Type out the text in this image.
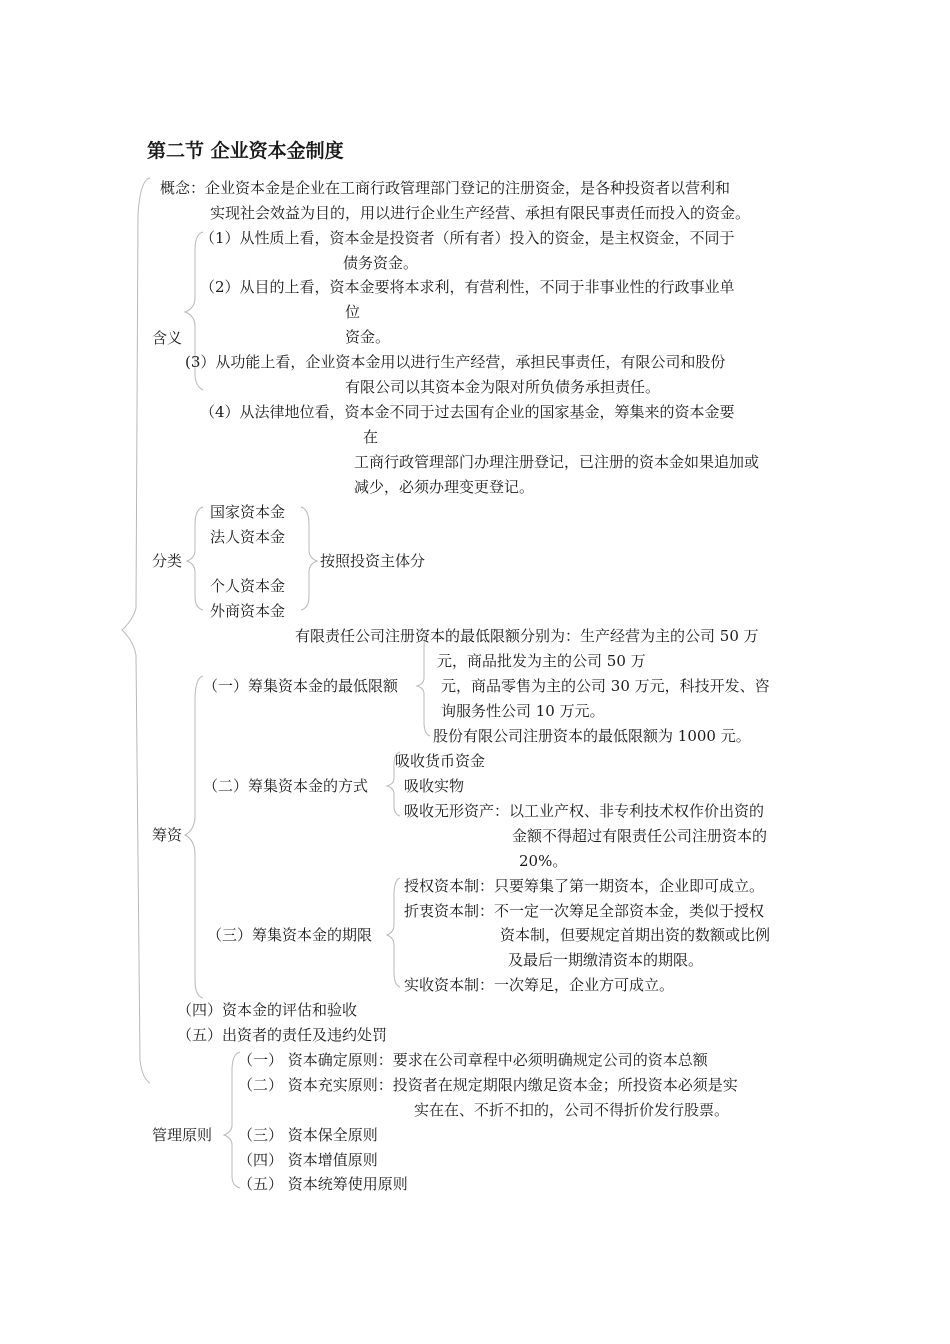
第二节 企业资本金制度
概念：企业资本金是企业在工商行政管理部门登记的注册资金，是各种投资者以营利和
实现社会效益为目的，用以进行企业生产经营、承担有限民事责任而投入的资金。
含义
（1）从性质上看，资本金是投资者（所有者）投入的资金，是主权资金，不同于
债务资金。
（2）从目的上看，资本金要将本求利，有营利性，不同于非事业性的行政事业单
位
资金。
(3）从功能上看，企业资本金用以进行生产经营，承担民事责任，有限公司和股份
有限公司以其资本金为限对所负债务承担责任。
（4）从法律地位看，资本金不同于过去国有企业的国家基金，筹集来的资本金要
在
工商行政管理部门办理注册登记，已注册的资本金如果追加或
减少，必须办理变更登记。
分类
国家资本金
法人资本金
个人资本金
外商资本金
按照投资主体分
筹资
有限责任公司注册资本的最低限额分别为：生产经营为主的公司 50 万
元，商品批发为主的公司 50 万
（一）筹集资本金的最低限额	元，商品零售为主的公司 30 万元，科技开发、咨
询服务性公司 10 万元。
股份有限公司注册资本的最低限额为 1000 元。
吸收货币资金
（二）筹集资本金的方式 吸收实物
吸收无形资产：以工业产权、非专利技术权作价出资的
金额不得超过有限责任公司注册资本的
20%。
授权资本制：只要筹集了第一期资本，企业即可成立。
折衷资本制：不一定一次筹足全部资本金，类似于授权
（三）筹集资本金的期限	资本制，但要规定首期出资的数额或比例
及最后一期缴清资本的期限。
实收资本制：一次筹足，企业方可成立。
（四）资本金的评估和验收
（五）出资者的责任及违约处罚
管理原则
（一） 资本确定原则：要求在公司章程中必须明确规定公司的资本总额
（二） 资本充实原则：投资者在规定期限内缴足资本金；所投资本必须是实
实在在、不折不扣的，公司不得折价发行股票。
（三） 资本保全原则
（四） 资本增值原则
（五） 资本统筹使用原则
